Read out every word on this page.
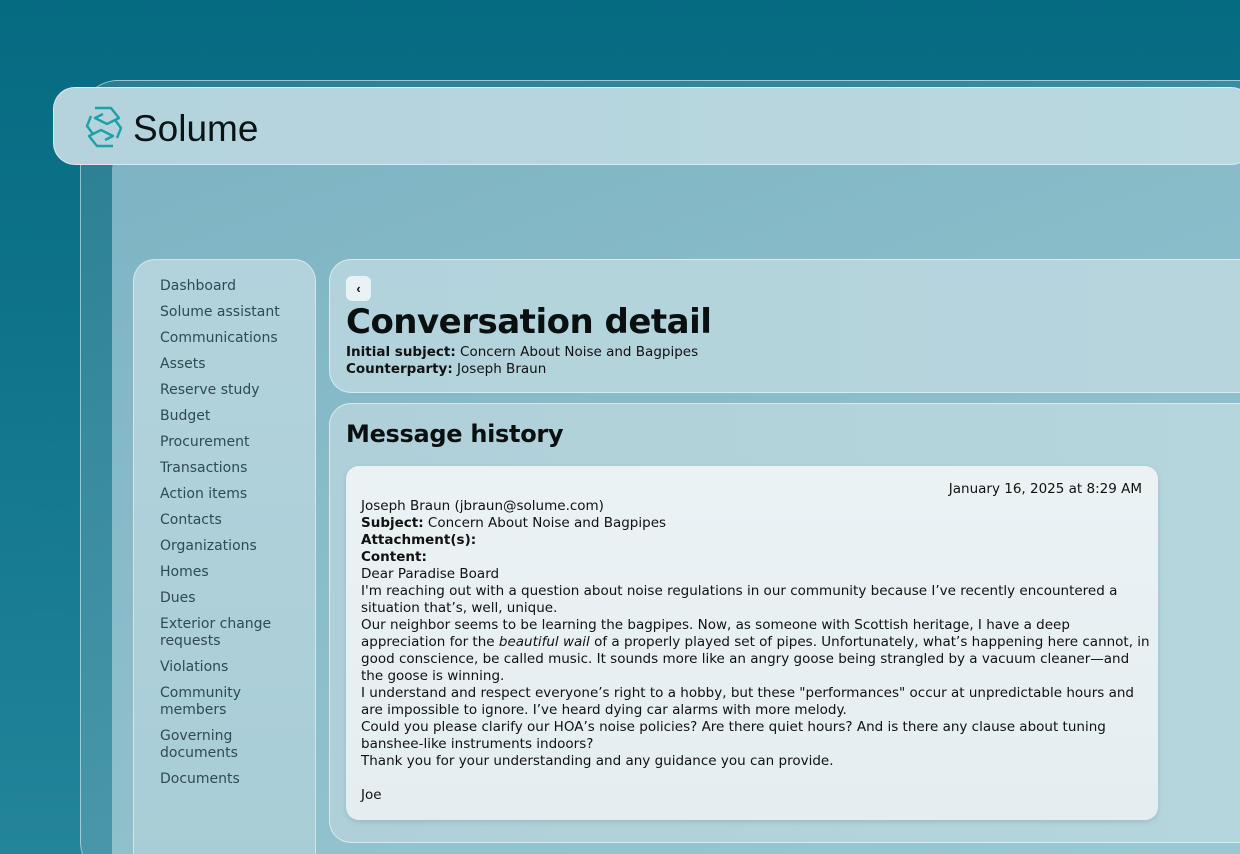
Solume
Dashboard
Solume assistant
Communications
Assets
Reserve study
Budget
Procurement
Transactions
Action items
Contacts
Organizations
Homes
Dues
Exterior change requests
Violations
Community members
Governing documents
Documents
‹
Conversation detail
Initial subject: Concern About Noise and Bagpipes
Counterparty: Joseph Braun
Message history
January 16, 2025 at 8:29 AM
Joseph Braun (jbraun@solume.com)
Subject: Concern About Noise and Bagpipes
Attachment(s):
Content:
Dear Paradise Board
I'm reaching out with a question about noise regulations in our community because I’ve recently encountered a situation that’s, well, unique.
Our neighbor seems to be learning the bagpipes. Now, as someone with Scottish heritage, I have a deep appreciation for the beautiful wail of a properly played set of pipes. Unfortunately, what’s happening here cannot, in good conscience, be called music. It sounds more like an angry goose being strangled by a vacuum cleaner—and the goose is winning.
I understand and respect everyone’s right to a hobby, but these "performances" occur at unpredictable hours and are impossible to ignore. I’ve heard dying car alarms with more melody.
Could you please clarify our HOA’s noise policies? Are there quiet hours? And is there any clause about tuning banshee-like instruments indoors?
Thank you for your understanding and any guidance you can provide.
Joe
